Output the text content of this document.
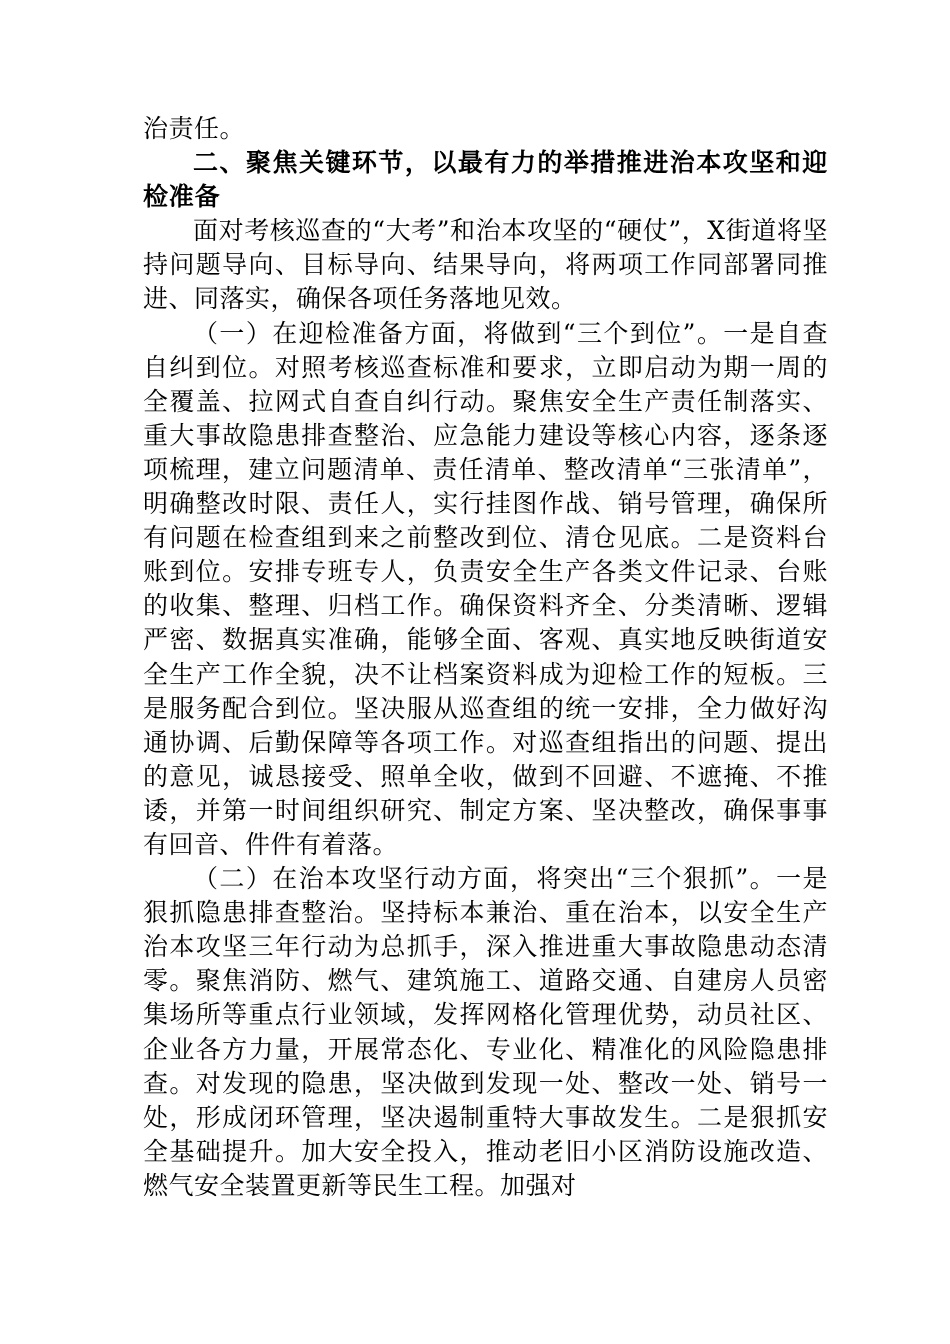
治责任。

二、聚焦关键环节，以最有力的举措推进治本攻坚和迎检准备

面对考核巡查的“大考”和治本攻坚的“硬仗”，X街道将坚持问题导向、目标导向、结果导向，将两项工作同部署同推进、同落实，确保各项任务落地见效。

（一）在迎检准备方面，将做到“三个到位”。一是自查自纠到位。对照考核巡查标准和要求，立即启动为期一周的全覆盖、拉网式自查自纠行动。聚焦安全生产责任制落实、重大事故隐患排查整治、应急能力建设等核心内容，逐条逐项梳理，建立问题清单、责任清单、整改清单“三张清单”，明确整改时限、责任人，实行挂图作战、销号管理，确保所有问题在检查组到来之前整改到位、清仓见底。二是资料台账到位。安排专班专人，负责安全生产各类文件记录、台账的收集、整理、归档工作。确保资料齐全、分类清晰、逻辑严密、数据真实准确，能够全面、客观、真实地反映街道安全生产工作全貌，决不让档案资料成为迎检工作的短板。三是服务配合到位。坚决服从巡查组的统一安排，全力做好沟通协调、后勤保障等各项工作。对巡查组指出的问题、提出的意见，诚恳接受、照单全收，做到不回避、不遮掩、不推诿，并第一时间组织研究、制定方案、坚决整改，确保事事有回音、件件有着落。

（二）在治本攻坚行动方面，将突出“三个狠抓”。一是狠抓隐患排查整治。坚持标本兼治、重在治本，以安全生产治本攻坚三年行动为总抓手，深入推进重大事故隐患动态清零。聚焦消防、燃气、建筑施工、道路交通、自建房人员密集场所等重点行业领域，发挥网格化管理优势，动员社区、企业各方力量，开展常态化、专业化、精准化的风险隐患排查。对发现的隐患，坚决做到发现一处、整改一处、销号一处，形成闭环管理，坚决遏制重特大事故发生。二是狠抓安全基础提升。加大安全投入，推动老旧小区消防设施改造、燃气安全装置更新等民生工程。加强对
